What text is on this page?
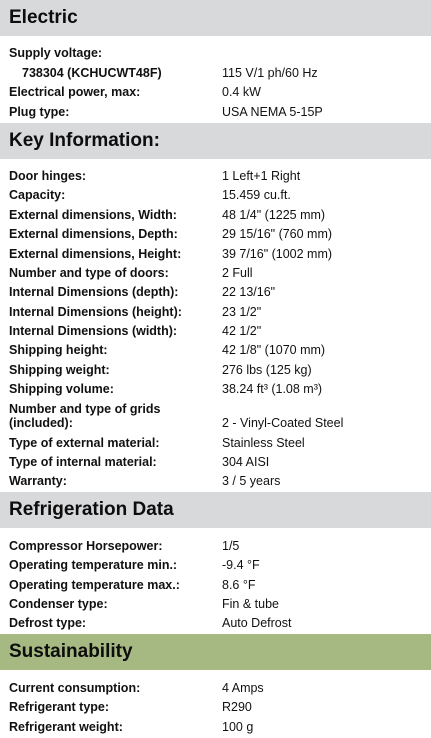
Electric
Supply voltage:
738304 (KCHUCWT48F)	115 V/1 ph/60 Hz
Electrical power, max:	0.4 kW
Plug type:	USA NEMA 5-15P
Key Information:
Door hinges:	1 Left+1 Right
Capacity:	15.459 cu.ft.
External dimensions, Width:	48 1/4" (1225 mm)
External dimensions, Depth:	29 15/16" (760 mm)
External dimensions, Height:	39 7/16" (1002 mm)
Number and type of doors:	2 Full
Internal Dimensions (depth):	22 13/16"
Internal Dimensions (height):	23 1/2"
Internal Dimensions (width):	42 1/2"
Shipping height:	42 1/8" (1070 mm)
Shipping weight:	276 lbs (125 kg)
Shipping volume:	38.24 ft³ (1.08 m³)
Number and type of grids (included):	2 - Vinyl-Coated Steel
Type of external material:	Stainless Steel
Type of internal material:	304 AISI
Warranty:	3 / 5 years
Refrigeration Data
Compressor Horsepower:	1/5
Operating temperature min.:	-9.4 °F
Operating temperature max.:	8.6 °F
Condenser type:	Fin & tube
Defrost type:	Auto Defrost
Sustainability
Current consumption:	4 Amps
Refrigerant type:	R290
Refrigerant weight:	100 g
